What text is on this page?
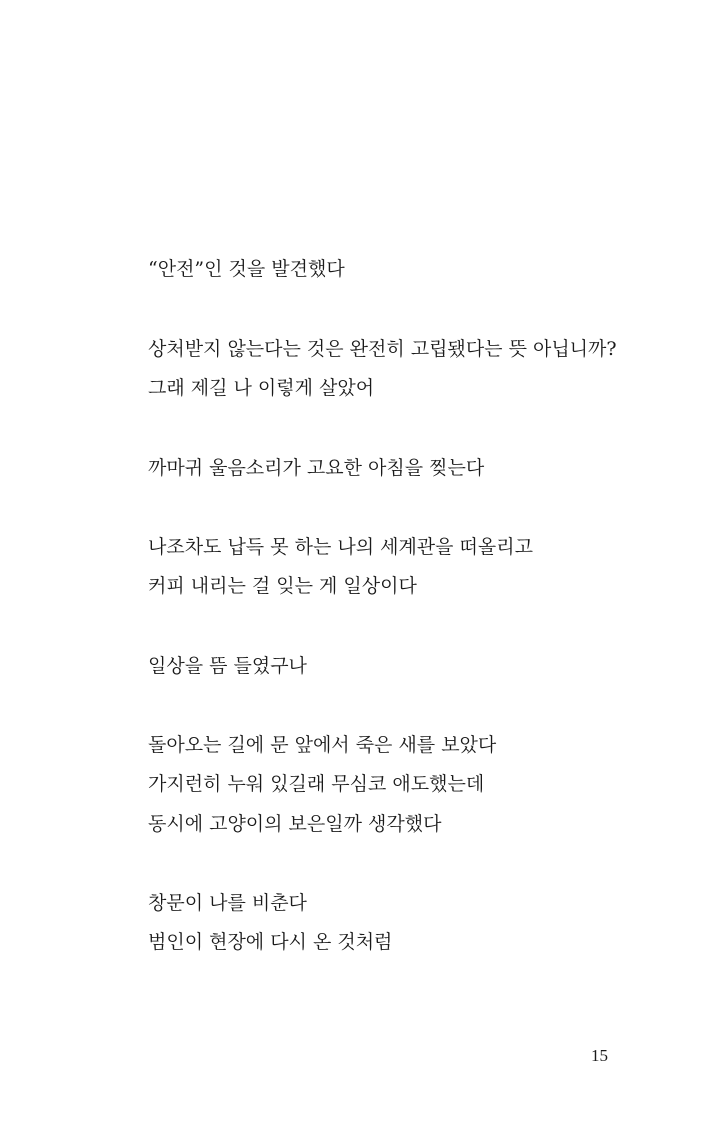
“안전”인 것을 발견했다
상처받지 않는다는 것은 완전히 고립됐다는 뜻 아닙니까?
그래 제길 나 이렇게 살았어
까마귀 울음소리가 고요한 아침을 찢는다
나조차도 납득 못 하는 나의 세계관을 떠올리고
커피 내리는 걸 잊는 게 일상이다
일상을 뜸 들였구나
돌아오는 길에 문 앞에서 죽은 새를 보았다
가지런히 누워 있길래 무심코 애도했는데
동시에 고양이의 보은일까 생각했다
창문이 나를 비춘다
범인이 현장에 다시 온 것처럼
15
